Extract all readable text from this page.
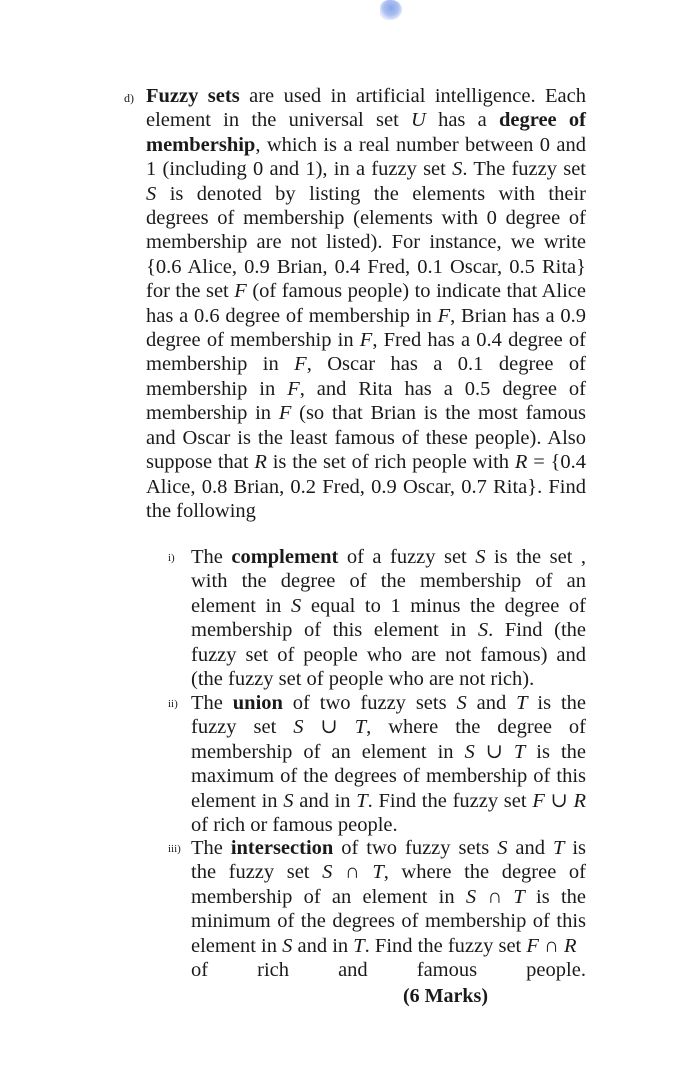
d) Fuzzy sets are used in artificial intelligence. Each element in the universal set U has a degree of membership, which is a real number between 0 and 1 (including 0 and 1), in a fuzzy set S. The fuzzy set S is denoted by listing the elements with their degrees of membership (elements with 0 degree of membership are not listed). For instance, we write {0.6 Alice, 0.9 Brian, 0.4 Fred, 0.1 Oscar, 0.5 Rita} for the set F (of famous people) to indicate that Alice has a 0.6 degree of membership in F, Brian has a 0.9 degree of membership in F, Fred has a 0.4 degree of membership in F, Oscar has a 0.1 degree of membership in F, and Rita has a 0.5 degree of membership in F (so that Brian is the most famous and Oscar is the least famous of these people). Also suppose that R is the set of rich people with R = {0.4 Alice, 0.8 Brian, 0.2 Fred, 0.9 Oscar, 0.7 Rita}. Find the following
i) The complement of a fuzzy set S is the set , with the degree of the membership of an element in S equal to 1 minus the degree of membership of this element in S. Find (the fuzzy set of people who are not famous) and (the fuzzy set of people who are not rich).
ii) The union of two fuzzy sets S and T is the fuzzy set S ∪ T, where the degree of membership of an element in S ∪ T is the maximum of the degrees of membership of this element in S and in T. Find the fuzzy set F ∪ R of rich or famous people.
iii) The intersection of two fuzzy sets S and T is the fuzzy set S ∩ T, where the degree of membership of an element in S ∩ T is the minimum of the degrees of membership of this element in S and in T. Find the fuzzy set F ∩ R
of rich and famous people.
(6 Marks)
